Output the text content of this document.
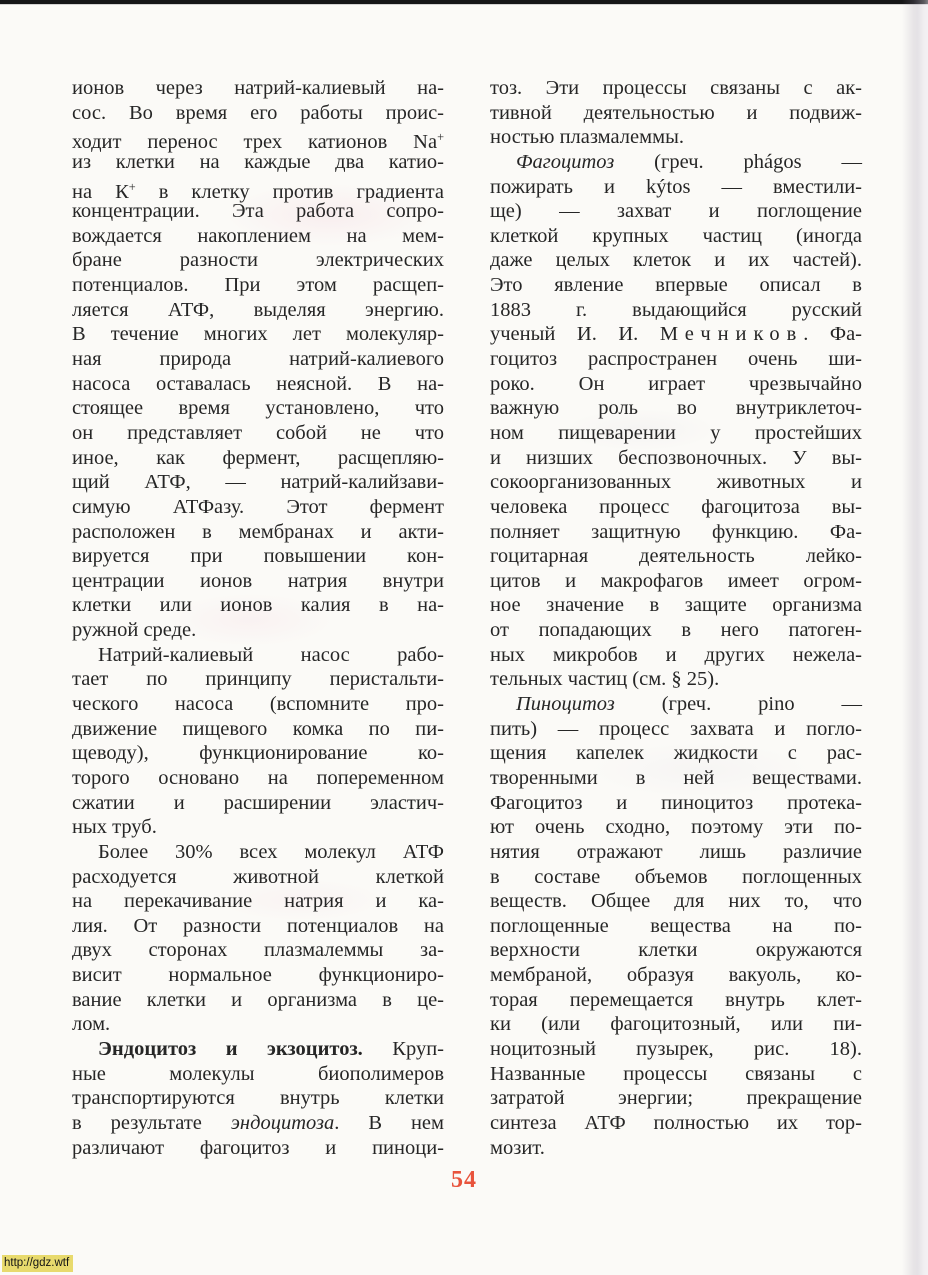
ионов через натрий-калиевый на-
сос. Во время его работы проис-
ходит перенос трех катионов Na+
из клетки на каждые два катио-
на К+ в клетку против градиента
концентрации. Эта работа сопро-
вождается накоплением на мем-
бране разности электрических
потенциалов. При этом расщеп-
ляется АТФ, выделяя энергию.
В течение многих лет молекуляр-
ная природа натрий-калиевого
насоса оставалась неясной. В на-
стоящее время установлено, что
он представляет собой не что
иное, как фермент, расщепляю-
щий АТФ, — натрий-калийзави-
симую АТФазу. Этот фермент
расположен в мембранах и акти-
вируется при повышении кон-
центрации ионов натрия внутри
клетки или ионов калия в на-
ружной среде.
Натрий-калиевый насос рабо-
тает по принципу перистальти-
ческого насоса (вспомните про-
движение пищевого комка по пи-
щеводу), функционирование ко-
торого основано на попеременном
сжатии и расширении эластич-
ных труб.
Более 30% всех молекул АТФ
расходуется животной клеткой
на перекачивание натрия и ка-
лия. От разности потенциалов на
двух сторонах плазмалеммы за-
висит нормальное функциониро-
вание клетки и организма в це-
лом.
Эндоцитоз и экзоцитоз. Круп-
ные молекулы биополимеров
транспортируются внутрь клетки
в результате эндоцитоза. В нем
различают фагоцитоз и пиноци-
тоз. Эти процессы связаны с ак-
тивной деятельностью и подвиж-
ностью плазмалеммы.
Фагоцитоз (греч. phágos —
пожирать и kýtos — вместили-
ще) — захват и поглощение
клеткой крупных частиц (иногда
даже целых клеток и их частей).
Это явление впервые описал в
1883 г. выдающийся русский
ученый И. И. Мечников. Фа-
гоцитоз распространен очень ши-
роко. Он играет чрезвычайно
важную роль во внутриклеточ-
ном пищеварении у простейших
и низших беспозвоночных. У вы-
сокоорганизованных животных и
человека процесс фагоцитоза вы-
полняет защитную функцию. Фа-
гоцитарная деятельность лейко-
цитов и макрофагов имеет огром-
ное значение в защите организма
от попадающих в него патоген-
ных микробов и других нежела-
тельных частиц (см. § 25).
Пиноцитоз (греч. pino —
пить) — процесс захвата и погло-
щения капелек жидкости с рас-
творенными в ней веществами.
Фагоцитоз и пиноцитоз протека-
ют очень сходно, поэтому эти по-
нятия отражают лишь различие
в составе объемов поглощенных
веществ. Общее для них то, что
поглощенные вещества на по-
верхности клетки окружаются
мембраной, образуя вакуоль, ко-
торая перемещается внутрь клет-
ки (или фагоцитозный, или пи-
ноцитозный пузырек, рис. 18).
Названные процессы связаны с
затратой энергии; прекращение
синтеза АТФ полностью их тор-
мозит.
54
http://gdz.wtf
